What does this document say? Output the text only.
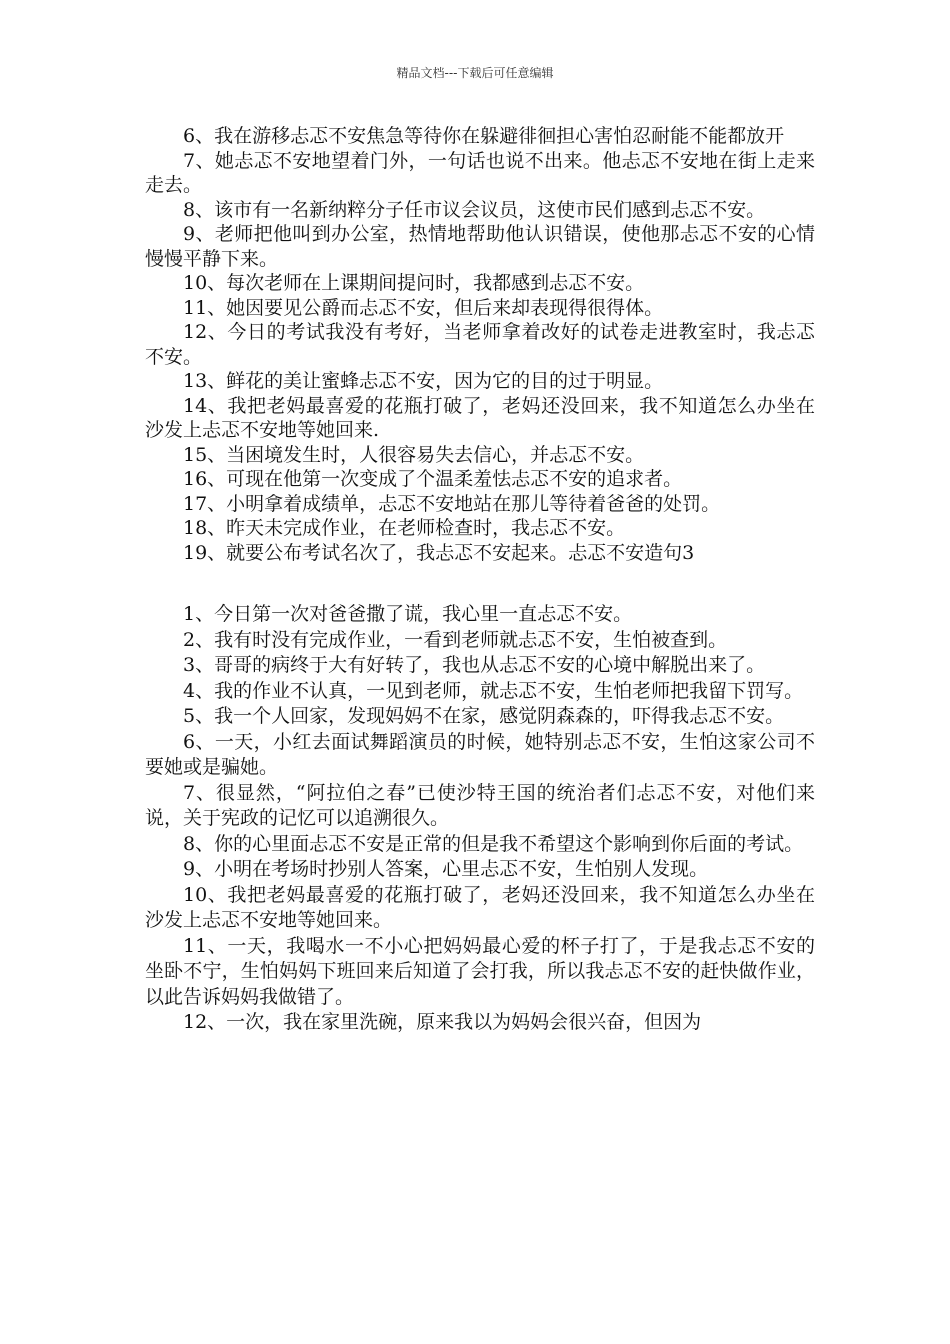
精品文档---下载后可任意编辑

6、我在游移忐忑不安焦急等待你在躲避徘徊担心害怕忍耐能不能都放开

7、她忐忑不安地望着门外，一句话也说不出来。他忐忑不安地在街上走来走去。

8、该市有一名新纳粹分子任市议会议员，这使市民们感到忐忑不安。

9、老师把他叫到办公室，热情地帮助他认识错误，使他那忐忑不安的心情慢慢平静下来。

10、每次老师在上课期间提问时，我都感到忐忑不安。

11、她因要见公爵而忐忑不安，但后来却表现得很得体。

12、今日的考试我没有考好，当老师拿着改好的试卷走进教室时，我忐忑不安。

13、鲜花的美让蜜蜂忐忑不安，因为它的目的过于明显。

14、我把老妈最喜爱的花瓶打破了，老妈还没回来，我不知道怎么办坐在沙发上忐忑不安地等她回来.

15、当困境发生时，人很容易失去信心，并忐忑不安。

16、可现在他第一次变成了个温柔羞怯忐忑不安的追求者。

17、小明拿着成绩单，忐忑不安地站在那儿等待着爸爸的处罚。

18、昨天未完成作业，在老师检查时，我忐忑不安。

19、就要公布考试名次了，我忐忑不安起来。忐忑不安造句3

1、今日第一次对爸爸撒了谎，我心里一直忐忑不安。

2、我有时没有完成作业，一看到老师就忐忑不安，生怕被查到。

3、哥哥的病终于大有好转了，我也从忐忑不安的心境中解脱出来了。

4、我的作业不认真，一见到老师，就忐忑不安，生怕老师把我留下罚写。

5、我一个人回家，发现妈妈不在家，感觉阴森森的，吓得我忐忑不安。

6、一天，小红去面试舞蹈演员的时候，她特别忐忑不安，生怕这家公司不要她或是骗她。

7、很显然，“阿拉伯之春”已使沙特王国的统治者们忐忑不安，对他们来说，关于宪政的记忆可以追溯很久。

8、你的心里面忐忑不安是正常的但是我不希望这个影响到你后面的考试。

9、小明在考场时抄别人答案，心里忐忑不安，生怕别人发现。

10、我把老妈最喜爱的花瓶打破了，老妈还没回来，我不知道怎么办坐在沙发上忐忑不安地等她回来。

11、一天，我喝水一不小心把妈妈最心爱的杯子打了，于是我忐忑不安的坐卧不宁，生怕妈妈下班回来后知道了会打我，所以我忐忑不安的赶快做作业，以此告诉妈妈我做错了。

12、一次，我在家里洗碗，原来我以为妈妈会很兴奋，但因为
